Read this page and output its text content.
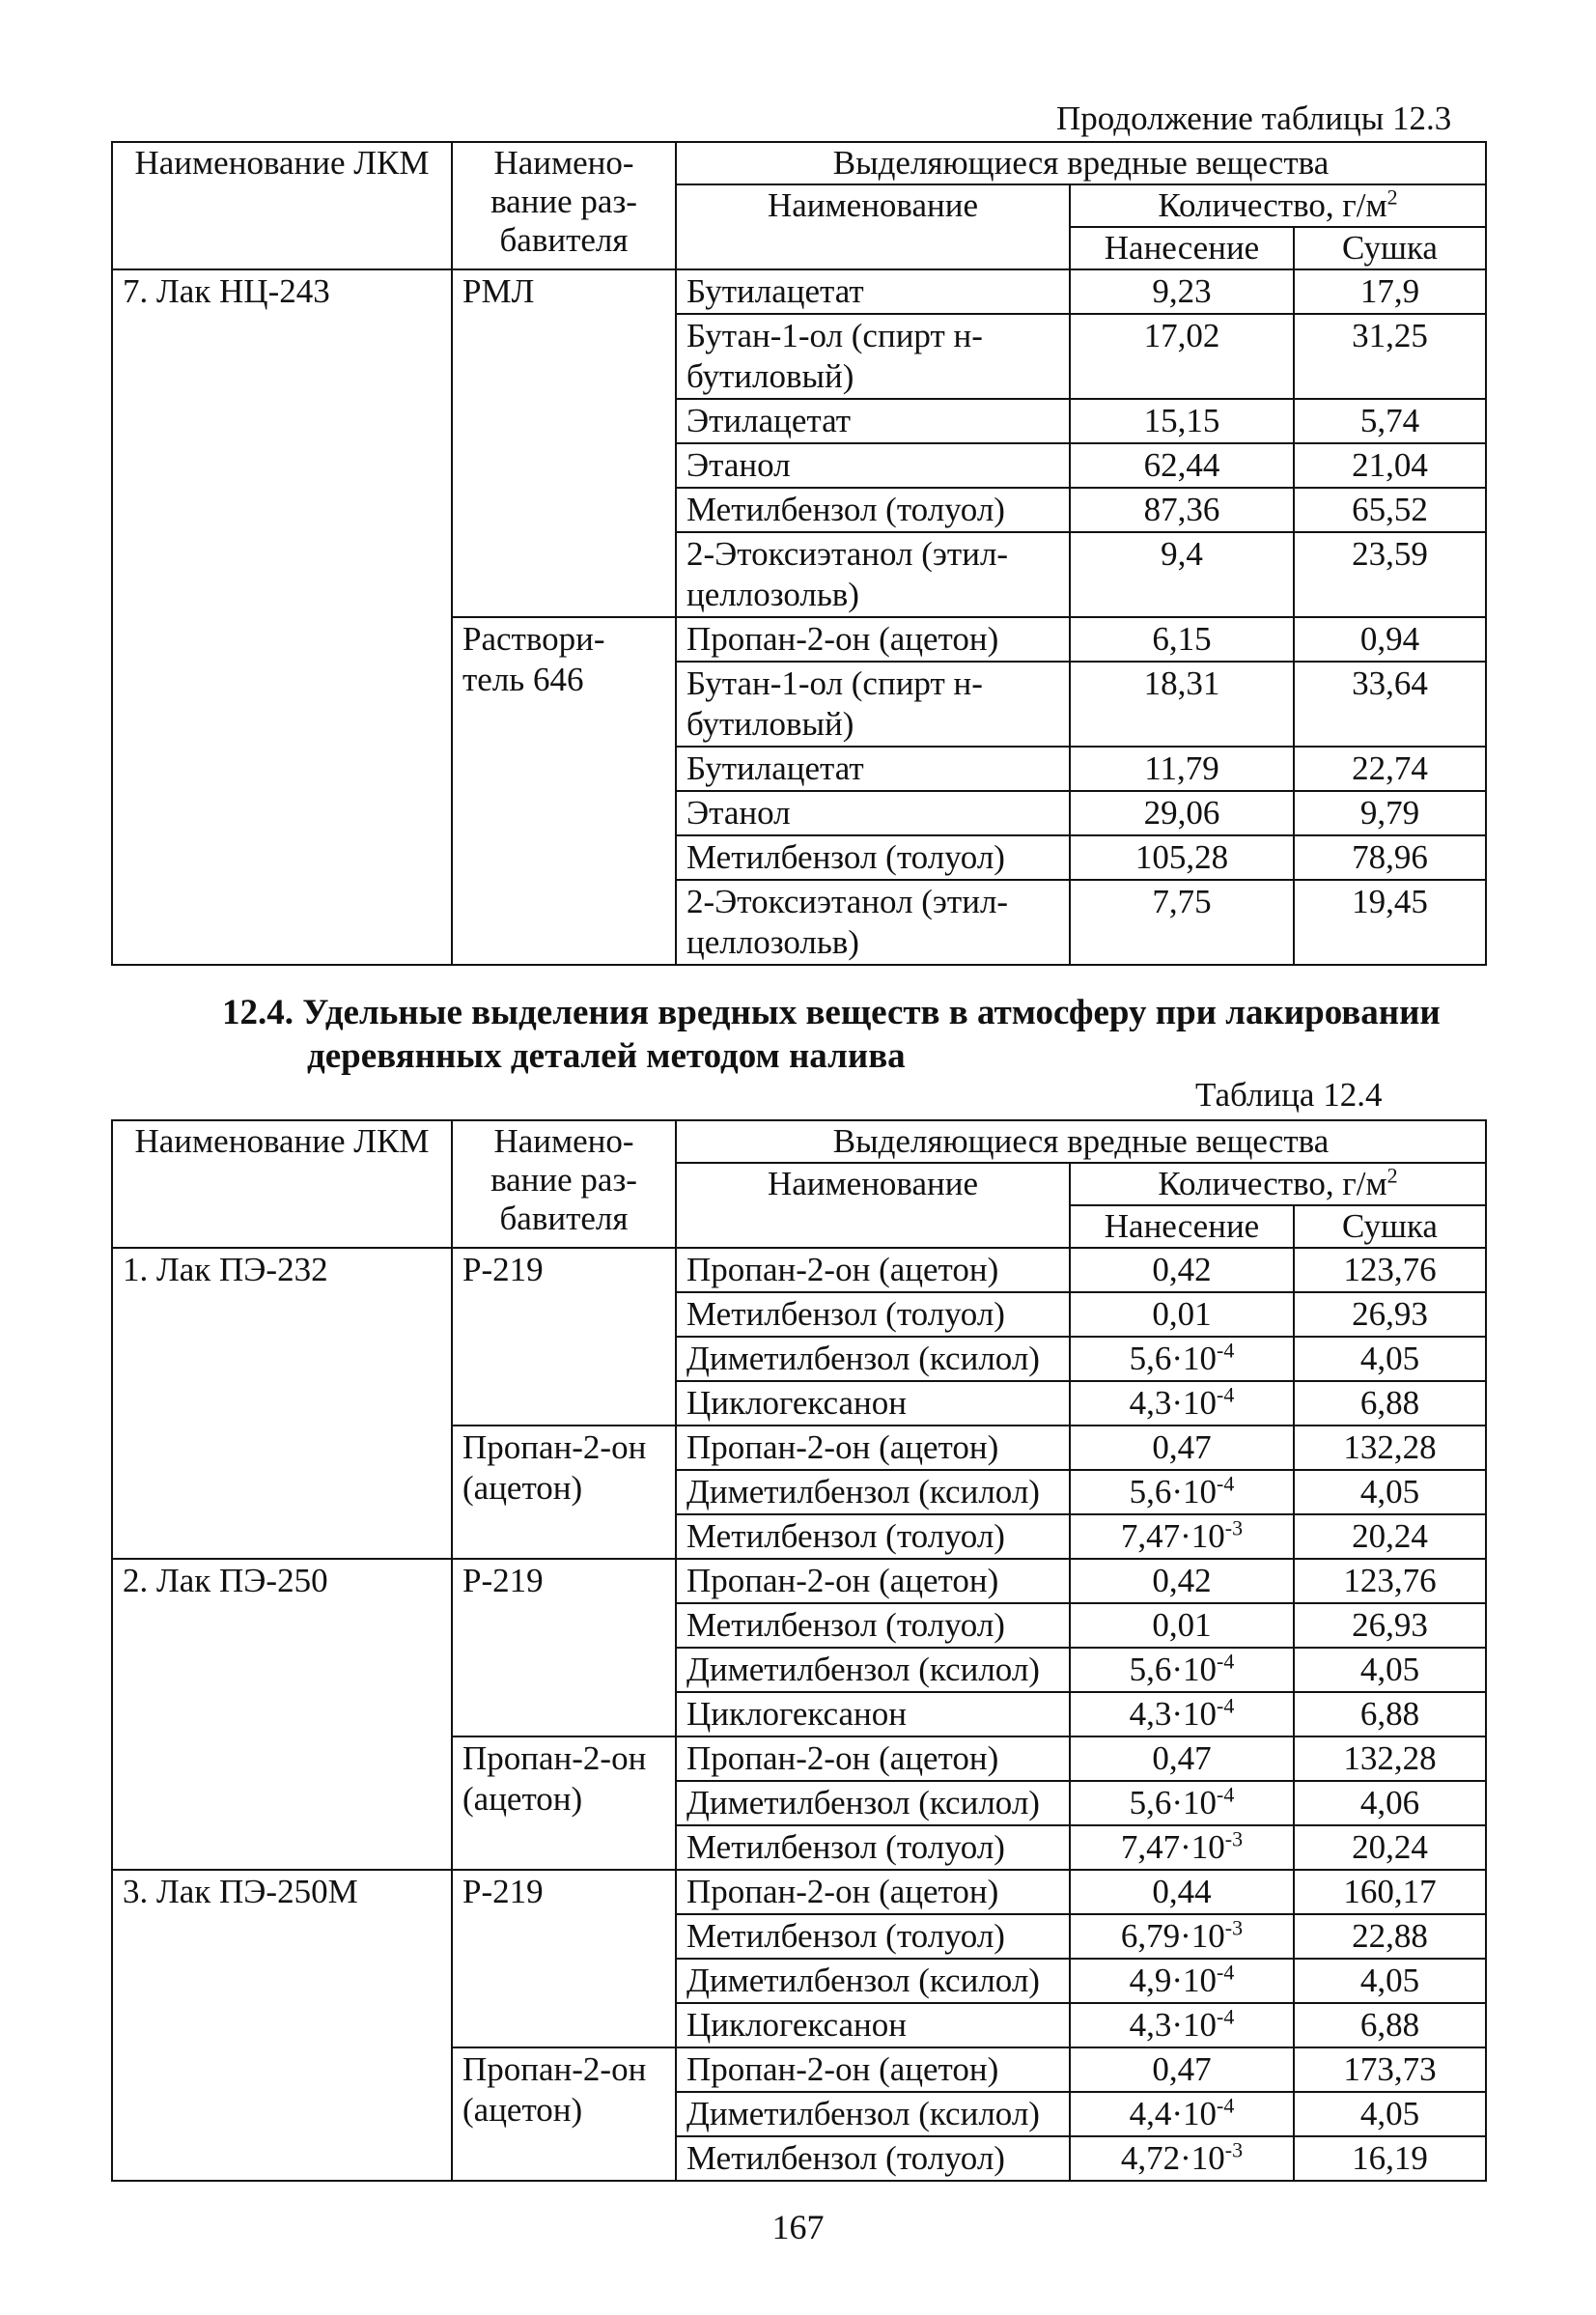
Продолжение таблицы 12.3
Наименование ЛКМ	Наимено-вание раз-бавителя	Выделяющиеся вредные вещества		
		Наименование	Количество, $г/м^2$
			Нанесение	Сушка
7. Лак НЦ-243	РМЛ	Бутилацетат	9,23	17,9
		Бутан-1-ол (спирт н-бутиловый)	17,02	31,25
		Этилацетат	15,15	5,74
		Этанол	62,44	21,04
		Метилбензол (толуол)	87,36	65,52
		2-Этоксиэтанол (этил-целлозольв)	9,4	23,59
	Раствори-тель 646	Пропан-2-он (ацетон)	6,15	0,94
		Бутан-1-ол (спирт н-бутиловый)	18,31	33,64
		Бутилацетат	11,79	22,74
		Этанол	29,06	9,79
		Метилбензол (толуол)	105,28	78,96
		2-Этоксиэтанол (этил-целлозольв)	7,75	19,45
12.4. Удельные выделения вредных веществ в атмосферу при лакировании
деревянных деталей методом налива
Таблица 12.4
Наименование ЛКМ	Наимено-вание раз-бавителя	Выделяющиеся вредные вещества		
		Наименование	Количество, $г/м^2$
			Нанесение	Сушка
1. Лак ПЭ-232	Р-219	Пропан-2-он (ацетон)	0,42	123,76
		Метилбензол (толуол)	0,01	26,93
		Диметилбензол (ксилол)	$5,6\cdot 10^{-4}$	4,05
		Циклогексанон	$4,3\cdot 10^{-4}$	6,88
	Пропан-2-он (ацетон)	Пропан-2-он (ацетон)	0,47	132,28
		Диметилбензол (ксилол)	$5,6\cdot 10^{-4}$	4,05
		Метилбензол (толуол)	$7,47\cdot 10^{-3}$	20,24
2. Лак ПЭ-250	Р-219	Пропан-2-он (ацетон)	0,42	123,76
		Метилбензол (толуол)	0,01	26,93
		Диметилбензол (ксилол)	$5,6\cdot 10^{-4}$	4,05
		Циклогексанон	$4,3\cdot 10^{-4}$	6,88
	Пропан-2-он (ацетон)	Пропан-2-он (ацетон)	0,47	132,28
		Диметилбензол (ксилол)	$5,6\cdot 10^{-4}$	4,06
		Метилбензол (толуол)	$7,47\cdot 10^{-3}$	20,24
3. Лак ПЭ-250М	Р-219	Пропан-2-он (ацетон)	0,44	160,17
		Метилбензол (толуол)	$6,79\cdot 10^{-3}$	22,88
		Диметилбензол (ксилол)	$4,9\cdot 10^{-4}$	4,05
		Циклогексанон	$4,3\cdot 10^{-4}$	6,88
	Пропан-2-он (ацетон)	Пропан-2-он (ацетон)	0,47	173,73
		Диметилбензол (ксилол)	$4,4\cdot 10^{-4}$	4,05
		Метилбензол (толуол)	$4,72\cdot 10^{-3}$	16,19
167
